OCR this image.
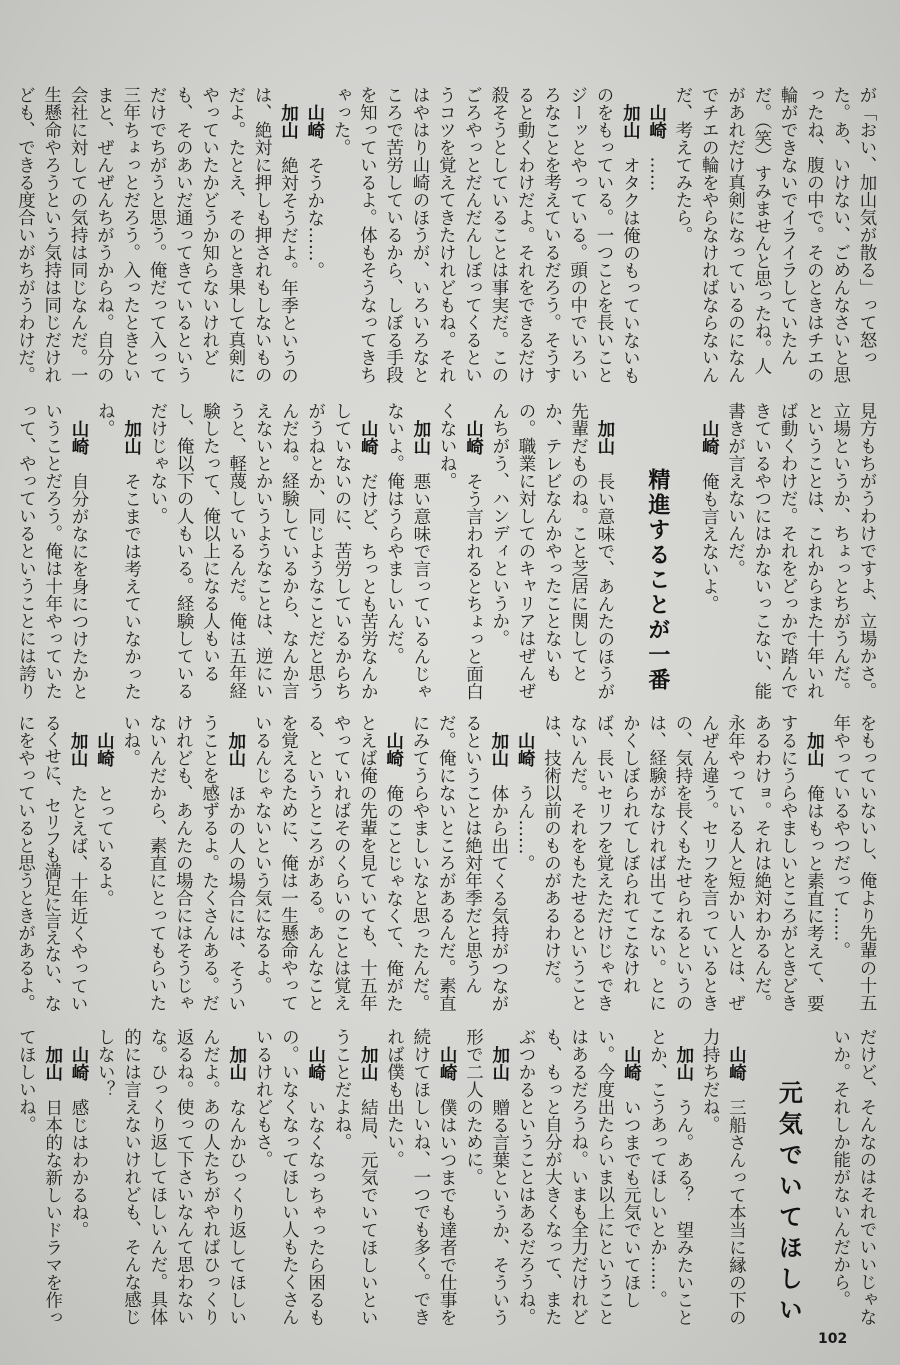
が「おい、加山気が散る」って怒っ
た。あ、いけない、ごめんなさいと思
ったね、腹の中で。そのときはチエの
輪ができないでイライラしていたん
だ。（笑）すみませんと思ったね。人
があれだけ真剣になっているのになん
でチエの輪をやらなければならないん
だ、考えてみたら。
山崎……
加山オタクは俺のもっていないも
のをもっている。一つことを長いこと
ジーッとやっている。頭の中でいろい
ろなことを考えているだろう。そうす
ると動くわけだよ。それをできるだけ
殺そうとしていることは事実だ。この
ごろやっとだんだんしぼってくるとい
うコツを覚えてきたけれどもね。それ
はやはり山崎のほうが、いろいろなと
ころで苦労しているから、しぼる手段
を知っているよ。体もそうなってきち
ゃった。
山崎そうかな……。
加山絶対そうだよ。年季というの
は、絶対に押しも押されもしないもの
だよ。たとえ、そのとき果して真剣に
やっていたかどうか知らないけれど
も、そのあいだ通ってきているという
だけでちがうと思う。俺だって入って
三年ちょっとだろう。入ったときとい
まと、ぜんぜんちがうからね。自分の
会社に対しての気持は同じなんだ。一
生懸命やろうという気持は同じだけれ
ども、できる度合いがちがうわけだ。
見方もちがうわけですよ、立場かさ。
立場というか、ちょっとちがうんだ。
ということは、これからまた十年いれ
ば動くわけだ。それをどっかで踏んで
きているやつにはかないっこない、能
書きが言えないんだ。
山崎俺も言えないよ。
精進することが一番
加山長い意味で、あんたのほうが
先輩だものね。こと芝居に関してと
か、テレビなんかやったことないも
の。職業に対してのキャリアはぜんぜ
んちがう、ハンディというか。
山崎そう言われるとちょっと面白
くないね。
加山悪い意味で言っているんじゃ
ないよ。俺はうらやましいんだ。
山崎だけど、ちっとも苦労なんか
していないのに、苦労しているからち
がうねとか、同じようなことだと思う
んだね。経験しているから、なんか言
えないとかいうようなことは、逆にい
うと、軽蔑しているんだ。俺は五年経
験したって、俺以上になる人もいる
し、俺以下の人もいる。経験している
だけじゃない。
加山そこまでは考えていなかった
ね。
山崎自分がなにを身につけたかと
いうことだろう。俺は十年やっていた
って、やっているということには誇り
をもっていないし、俺より先輩の十五
年やっているやつだって……。
加山俺はもっと素直に考えて、要
するにうらやましいところがときどき
あるわけョ。それは絶対わかるんだ。
永年やっている人と短かい人とは、ぜ
んぜん違う。セリフを言っているとき
の、気持を長くもたせられるというの
は、経験がなければ出てこない。とに
かくしぼられてしぼられてこなけれ
ば、長いセリフを覚えただけじゃでき
ないんだ。それをもたせるということ
は、技術以前のものがあるわけだ。
山崎うん……。
加山体から出てくる気持がつなが
るということは絶対年季だと思うん
だ。俺にないところがあるんだ。素直
にみてうらやましいなと思ったんだ。
山崎俺のことじゃなくて、俺がた
とえば俺の先輩を見ていても、十五年
やっていればそのくらいのことは覚え
る、というところがある。あんなこと
を覚えるために、俺は一生懸命やって
いるんじゃないという気になるよ。
加山ほかの人の場合には、そうい
うことを感ずるよ。たくさんある。だ
けれども、あんたの場合にはそうじゃ
ないんだから、素直にとってもらいた
いね。
山崎とっているよ。
加山たとえば、十年近くやってい
るくせに、セリフも満足に言えない、な
にをやっていると思うときがあるよ。
だけど、そんなのはそれでいいじゃな
いか。それしか能がないんだから。
元気でいてほしい
山崎三船さんって本当に縁の下の
力持ちだね。
加山うん。ある？　望みたいこと
とか、こうあってほしいとか……。
山崎いつまでも元気でいてほし
い。今度出たらいま以上にということ
はあるだろうね。いまも全力だけれど
も、もっと自分が大きくなって、また
ぶつかるということはあるだろうね。
加山贈る言葉というか、そういう
形で二人のために。
山崎僕はいつまでも達者で仕事を
続けてほしいね、一つでも多く。でき
れば僕も出たい。
加山結局、元気でいてほしいとい
うことだよね。
山崎いなくなっちゃったら困るも
の。いなくなってほしい人もたくさん
いるけれどもさ。
加山なんかひっくり返してほしい
んだよ。あの人たちがやればひっくり
返るね。使って下さいなんて思わない
な。ひっくり返してほしいんだ。具体
的には言えないけれども、そんな感じ
しない？
山崎感じはわかるね。
加山日本的な新しいドラマを作っ
てほしいね。
102
